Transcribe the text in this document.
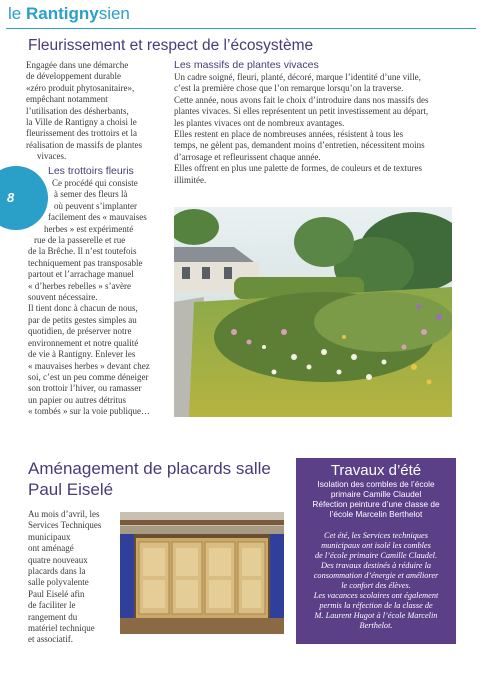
le Rantignysien
8
Fleurissement et respect de l’écosystème

Engagée dans une démarche

de développement durable

«zéro produit phytosanitaire»,

empêchant notamment

l’utilisation des désherbants,

la Ville de Rantigny a choisi le

fleurissement des trottoirs et la

réalisation de massifs de plantes

vivaces.

Les trottoirs fleuris

Ce procédé qui consiste

à semer des fleurs là

où peuvent s’implanter

facilement des « mauvaises

herbes » est expérimenté

rue de la passerelle et rue

de la Brêche. Il n’est toutefois

techniquement pas transposable

partout et l’arrachage manuel

« d’herbes rebelles » s’avère

souvent nécessaire.

Il tient donc à chacun de nous,

par de petits gestes simples au

quotidien, de préserver notre

environnement et notre qualité

de vie à Rantigny. Enlever les

« mauvaises herbes » devant chez

soi, c’est un peu comme déneiger

son trottoir l’hiver, ou ramasser

un papier ou autres détritus

« tombés » sur la voie publique…

Les massifs de plantes vivaces

Un cadre soigné, fleuri, planté, décoré, marque l’identité d’une ville,

c’est la première chose que l’on remarque lorsqu’on la traverse.

Cette année, nous avons fait le choix d’introduire dans nos massifs des

plantes vivaces. Si elles représentent un petit investissement au départ,

les plantes vivaces ont de nombreux avantages.

Elles restent en place de nombreuses années, résistent à tous les

temps, ne gèlent pas, demandent moins d’entretien, nécessitent moins

d’arrosage et refleurissent chaque année.

Elles offrent en plus une palette de formes, de couleurs et de textures

illimitée.

Aménagement de placards salle
Paul Eiselé

Au mois d’avril, les

Services Techniques

municipaux

ont aménagé

quatre nouveaux

placards dans la

salle polyvalente

Paul Eiselé afin

de faciliter le

rangement du

matériel technique

et associatif.

Travaux d’été
Isolation des combles de l’école
primaire Camille Claudel
Réfection peinture d’une classe de
l’école Marcelin Berthelot
Cet été, les Services techniques
municipaux ont isolé les combles
de l’école primaire Camille Claudel.
Des travaux destinés à réduire la
consommation d’énergie et améliorer
le confort des élèves.
Les vacances scolaires ont également
permis la réfection de la classe de
M. Laurent Hugot à l’école Marcelin
Berthelot.
